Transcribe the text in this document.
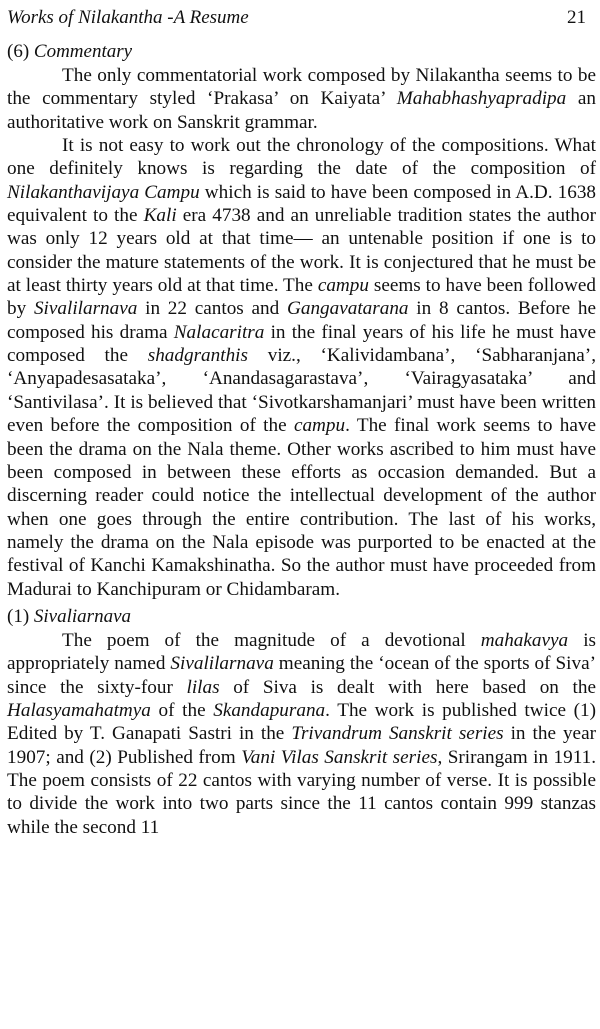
Works of Nilakantha -A Resume	21
(6) Commentary

The only commentatorial work composed by Nilakantha seems to be the commentary styled ‘Prakasa’ on Kaiyata’ Mahabhashyapradipa an authoritative work on Sanskrit grammar.

It is not easy to work out the chronology of the compositions. What one definitely knows is regarding the date of the composition of Nilakanthavijaya Campu which is said to have been composed in A.D. 1638 equivalent to the Kali era 4738 and an unreliable tradition states the author was only 12 years old at that time— an untenable position if one is to consider the mature statements of the work. It is conjectured that he must be at least thirty years old at that time. The campu seems to have been followed by Sivalilarnava in 22 cantos and Gangavatarana in 8 cantos. Before he composed his drama Nalacaritra in the final years of his life he must have composed the shadgranthis viz., ‘Kalividambana’, ‘Sabharanjana’, ‘Anyapadesasataka’, ‘Anandasagarastava’, ‘Vairagyasataka’ and ‘Santivilasa’. It is believed that ‘Sivotkarshamanjari’ must have been written even before the composition of the campu. The final work seems to have been the drama on the Nala theme. Other works ascribed to him must have been composed in between these efforts as occasion demanded. But a discerning reader could notice the intellectual development of the author when one goes through the entire contribution. The last of his works, namely the drama on the Nala episode was purported to be enacted at the festival of Kanchi Kamakshinatha. So the author must have proceeded from Madurai to Kanchipuram or Chidambaram.

(1) Sivaliarnava

The poem of the magnitude of a devotional mahakavya is appropriately named Sivalilarnava meaning the ‘ocean of the sports of Siva’ since the sixty-four lilas of Siva is dealt with here based on the Halasyamahatmya of the Skandapurana. The work is published twice (1) Edited by T. Ganapati Sastri in the Trivandrum Sanskrit series in the year 1907; and (2) Published from Vani Vilas Sanskrit series, Srirangam in 1911. The poem consists of 22 cantos with varying number of verse. It is possible to divide the work into two parts since the 11 cantos contain 999 stanzas while the second 11
